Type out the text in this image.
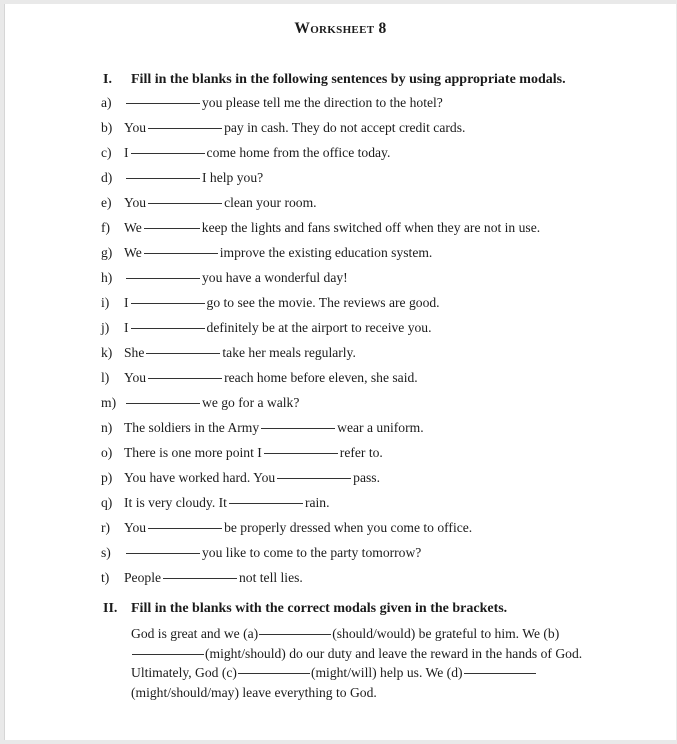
Worksheet 8
I. Fill in the blanks in the following sentences by using appropriate modals.
a)	you please tell me the direction to the hotel?
b) You	pay in cash. They do not accept credit cards.
c) I	come home from the office today.
d)	I help you?
e) You	clean your room.
f) We	keep the lights and fans switched off when they are not in use.
g) We	improve the existing education system.
h)	you have a wonderful day!
i) I	go to see the movie. The reviews are good.
j) I	definitely be at the airport to receive you.
k) She	take her meals regularly.
l) You	reach home before eleven, she said.
m)	we go for a walk?
n) The soldiers in the Army	wear a uniform.
o) There is one more point I	refer to.
p) You have worked hard. You	pass.
q) It is very cloudy. It	rain.
r) You	be properly dressed when you come to office.
s)	you like to come to the party tomorrow?
t) People	not tell lies.
II. Fill in the blanks with the correct modals given in the brackets.
God is great and we (a)	(should/would) be grateful to him. We (b) (might/should) do our duty and leave the reward in the hands of God. Ultimately, God (c)	(might/will) help us. We (d) (might/should/may) leave everything to God.
